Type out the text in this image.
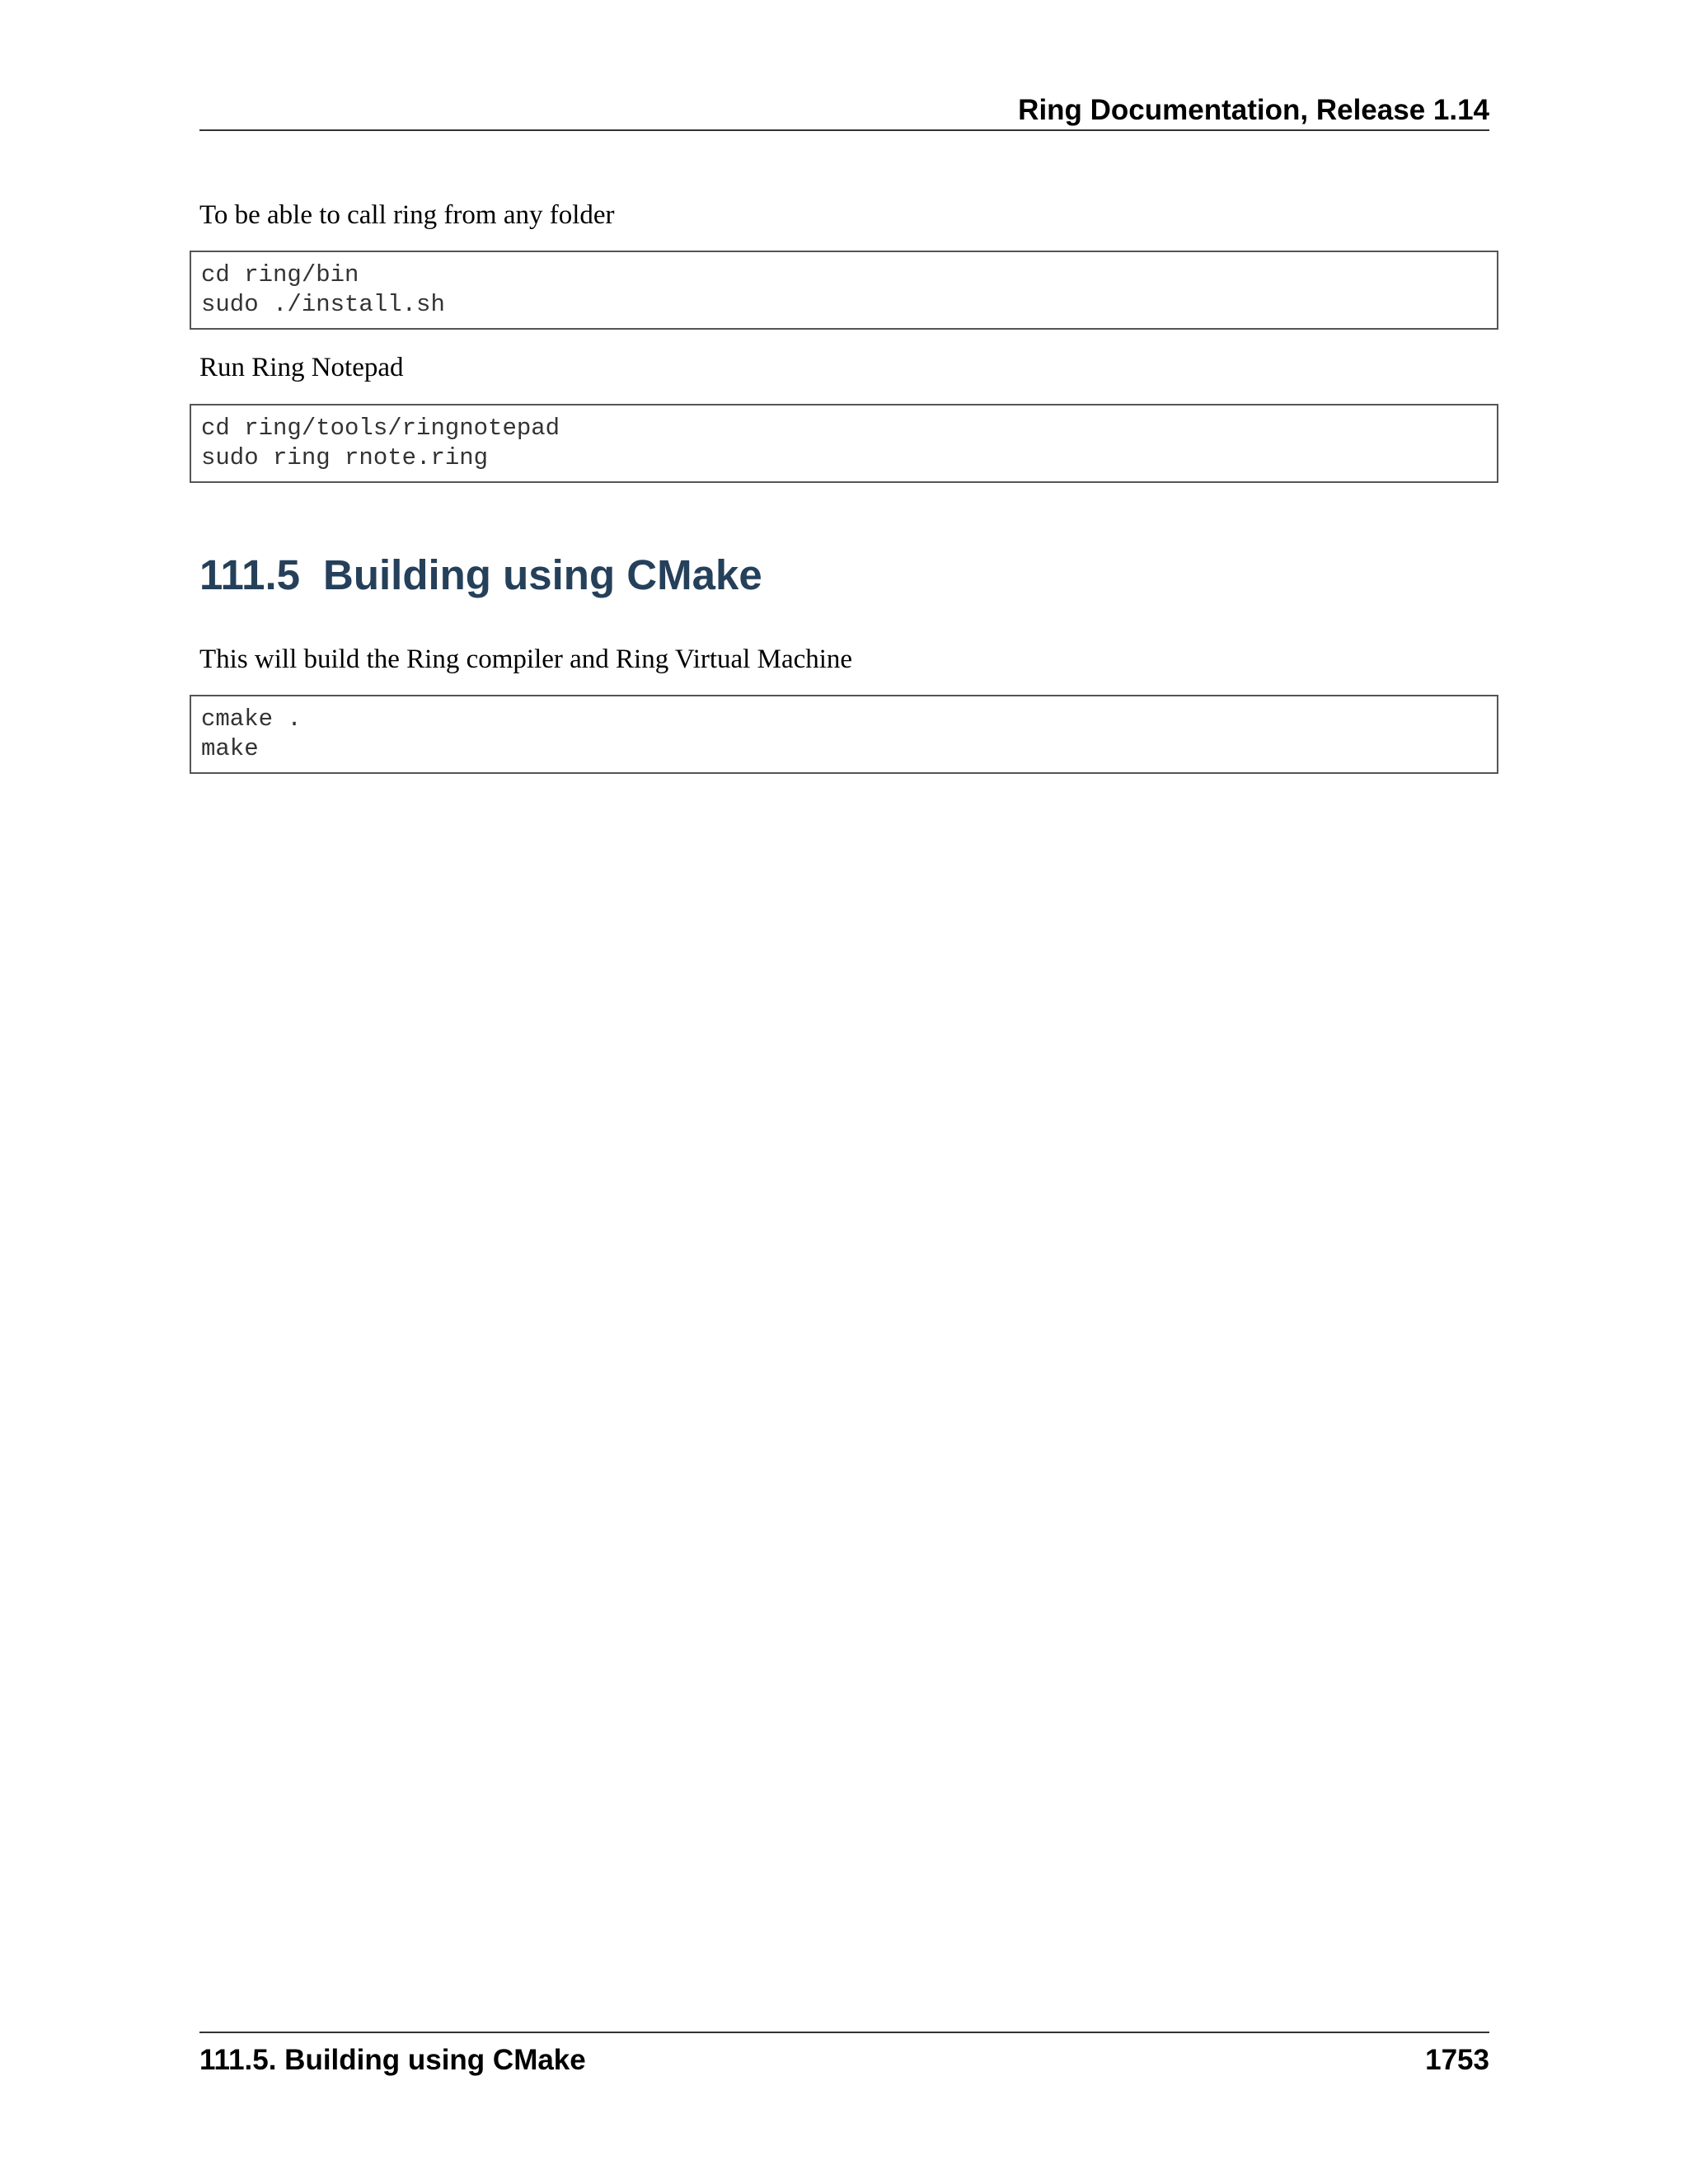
Ring Documentation, Release 1.14
To be able to call ring from any folder
cd ring/bin
sudo ./install.sh
Run Ring Notepad
cd ring/tools/ringnotepad
sudo ring rnote.ring
111.5 Building using CMake
This will build the Ring compiler and Ring Virtual Machine
cmake .
make
111.5. Building using CMake	1753
